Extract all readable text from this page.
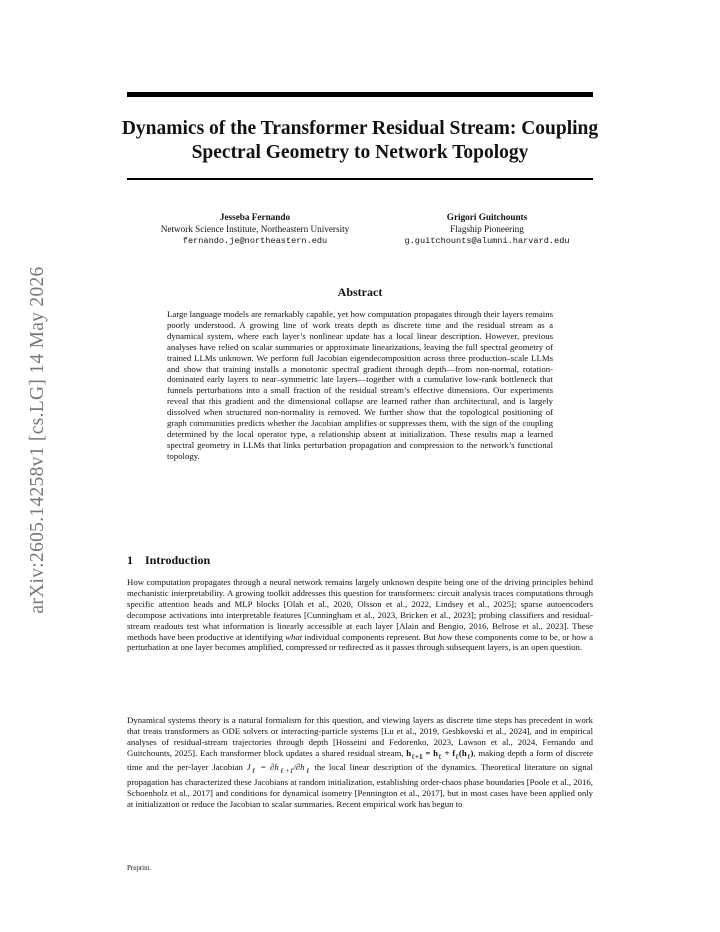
arXiv:2605.14258v1 [cs.LG] 14 May 2026
Dynamics of the Transformer Residual Stream: Coupling Spectral Geometry to Network Topology
Jesseba Fernando
Network Science Institute, Northeastern University
fernando.je@northeastern.edu
Grigori Guitchounts
Flagship Pioneering
g.guitchounts@alumni.harvard.edu
Abstract
Large language models are remarkably capable, yet how computation propagates through their layers remains poorly understood. A growing line of work treats depth as discrete time and the residual stream as a dynamical system, where each layer’s nonlinear update has a local linear description. However, previous analyses have relied on scalar summaries or approximate linearizations, leaving the full spectral geometry of trained LLMs unknown. We perform full Jacobian eigendecomposition across three production–scale LLMs and show that training installs a monotonic spectral gradient through depth—from non-normal, rotation-dominated early layers to near–symmetric late layers—together with a cumulative low-rank bottleneck that funnels perturbations into a small fraction of the residual stream’s effective dimensions. Our experiments reveal that this gradient and the dimensional collapse are learned rather than architectural, and is largely dissolved when structured non-normality is removed. We further show that the topological positioning of graph communities predicts whether the Jacobian amplifies or suppresses them, with the sign of the coupling determined by the local operator type, a relationship absent at initialization. These results map a learned spectral geometry in LLMs that links perturbation propagation and compression to the network’s functional topology.
1 Introduction
How computation propagates through a neural network remains largely unknown despite being one of the driving principles behind mechanistic interpretability. A growing toolkit addresses this question for transformers: circuit analysis traces computations through specific attention heads and MLP blocks [Olah et al., 2020, Olsson et al., 2022, Lindsey et al., 2025]; sparse autoencoders decompose activations into interpretable features [Cunningham et al., 2023, Bricken et al., 2023]; probing classifiers and residual-stream readouts test what information is linearly accessible at each layer [Alain and Bengio, 2016, Belrose et al., 2023]. These methods have been productive at identifying what individual components represent. But how these components come to be, or how a perturbation at one layer becomes amplified, compressed or redirected as it passes through subsequent layers, is an open question.
Dynamical systems theory is a natural formalism for this question, and viewing layers as discrete time steps has precedent in work that treats transformers as ODE solvers or interacting-particle systems [Lu et al., 2019, Geshkovski et al., 2024], and in empirical analyses of residual-stream trajectories through depth [Hosseini and Fedorenko, 2023, Lawson et al., 2024, Fernando and Guitchounts, 2025]. Each transformer block updates a shared residual stream, $h_{\ell+1} = h_\ell + f_\ell(h_\ell)$, making depth a form of discrete time and the per-layer Jacobian $J_\ell = \partial h_{\ell+1}/\partial h_\ell$ the local linear description of the dynamics. Theoretical literature on signal propagation has characterized these Jacobians at random initialization, establishing order-chaos phase boundaries [Poole et al., 2016, Schoenholz et al., 2017] and conditions for dynamical isometry [Pennington et al., 2017], but in most cases have been applied only at initialization or reduce the Jacobian to scalar summaries. Recent empirical work has begun to
Preprint.
